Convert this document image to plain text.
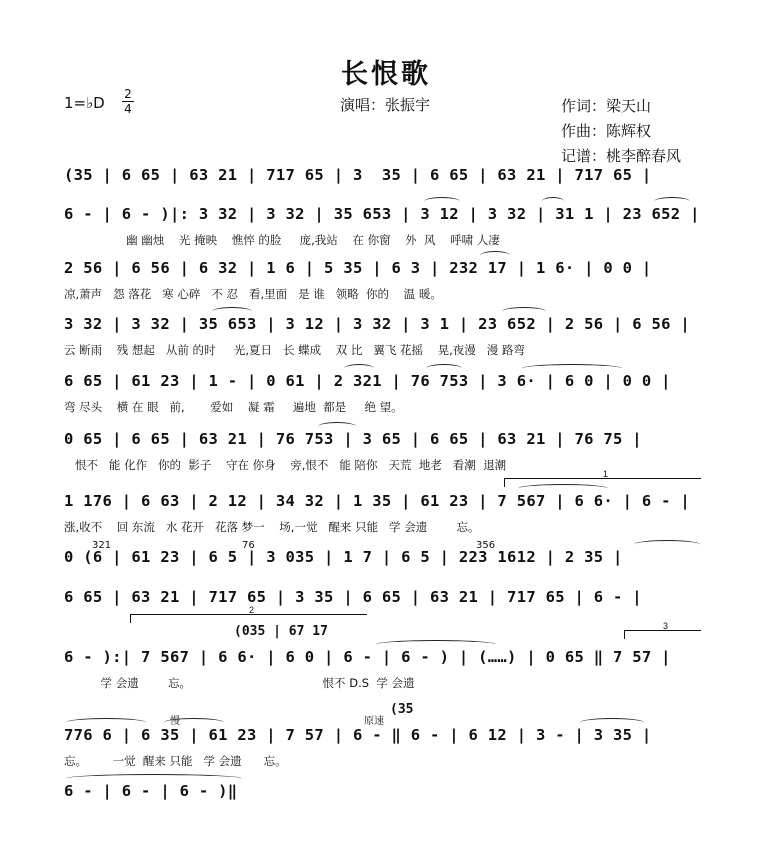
长恨歌
1=♭D 2
4	演唱：张振宇	作词：梁天山
作曲：陈辉权
记谱：桃李醉春风
(35 | 6 65 | 63 21 | 717 65 | 3  35 | 6 65 | 63 21 | 717 65 |
6 - | 6 - )|: 3 32 | 3 32 | 35 653 | 3 12 | 3 32 | 31 1 | 23 652 |
幽 幽烛    光 掩映    憔悴 的脸     庞,我站    在 你窗    外  风    呼啸 人凄
2 56 | 6 56 | 6 32 | 1 6 | 5 35 | 6 3 | 232 17 | 1 6· | 0 0 |
凉,萧声   怨 落花   寒 心碎   不 忍   看,里面   是 谁   领略  你的    温 暖。
3 32 | 3 32 | 35 653 | 3 12 | 3 32 | 3 1 | 23 652 | 2 56 | 6 56 |
云 断雨    残 想起   从前 的时     光,夏日   长 蝶成    双 比   翼飞 花摇    晃,夜漫   漫 路弯
6 65 | 61 23 | 1 - | 0 61 | 2 321 | 76 753 | 3 6· | 6 0 | 0 0 |
弯 尽头    横 在 眼   前,       爱如    凝 霜     遍地  都是     绝 望。
0 65 | 6 65 | 63 21 | 76 753 | 3 65 | 6 65 | 63 21 | 76 75 |
恨不   能 化作   你的  影子    守在 你身    旁,恨不   能 陪你   天荒  地老   看潮  退潮
1 176 | 6 63 | 2 12 | 34 32 | 1 35 | 61 23 | 7 567 | 6 6· | 6 - |
涨,收不    回 东流   水 花开   花落 梦一    场,一觉   醒来 只能   学 会遗        忘。
1
0 (6 | 61 23 | 6 5 | 3 035 | 1 7 | 6 5 | 223 1612 | 2 35 |
321	76	356
6 65 | 63 21 | 717 65 | 3 35 | 6 65 | 63 21 | 717 65 | 6 - |
2
(035 | 67 17
6 - ):| 7 567 | 6 6· | 6 0 | 6 - | 6 - ) | (……) | 0 65 ‖ 7 57 |
学 会遗        忘。                                    恨不 D.S  学 会遗
3
776 6 | 6 35 | 61 23 | 7 57 | 6 - ‖ 6 - | 6 12 | 3 - | 3 35 |
忘。       一觉  醒来 只能   学 会遗      忘。
慢	原速
(35
6 - | 6 - | 6 - )‖
